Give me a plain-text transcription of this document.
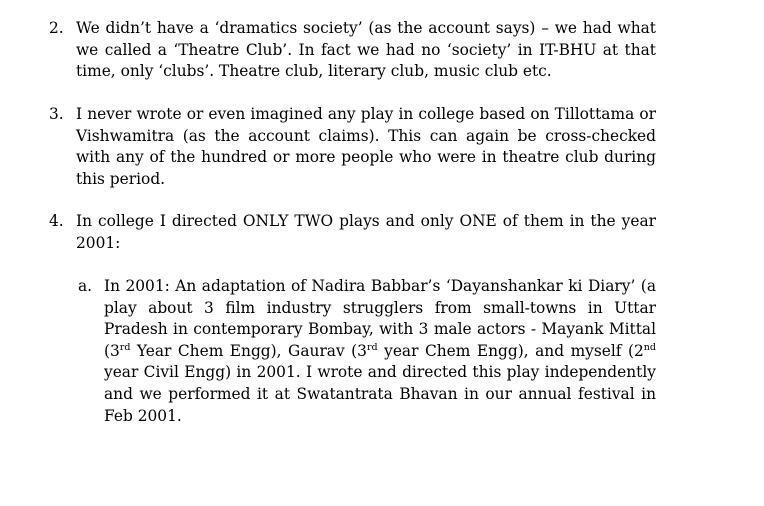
2. We didn’t have a ‘dramatics society’ (as the account says) – we had what
we called a ‘Theatre Club’. In fact we had no ‘society’ in IT-BHU at that
time, only ‘clubs’. Theatre club, literary club, music club etc.
3. I never wrote or even imagined any play in college based on Tillottama or
Vishwamitra (as the account claims). This can again be cross-checked
with any of the hundred or more people who were in theatre club during
this period.
4. In college I directed ONLY TWO plays and only ONE of them in the year
2001:
a. In 2001: An adaptation of Nadira Babbar’s ‘Dayanshankar ki Diary’ (a
play about 3 film industry strugglers from small-towns in Uttar
Pradesh in contemporary Bombay, with 3 male actors - Mayank Mittal
(3rd Year Chem Engg), Gaurav (3rd year Chem Engg), and myself (2nd
year Civil Engg) in 2001. I wrote and directed this play independently
and we performed it at Swatantrata Bhavan in our annual festival in
Feb 2001.
